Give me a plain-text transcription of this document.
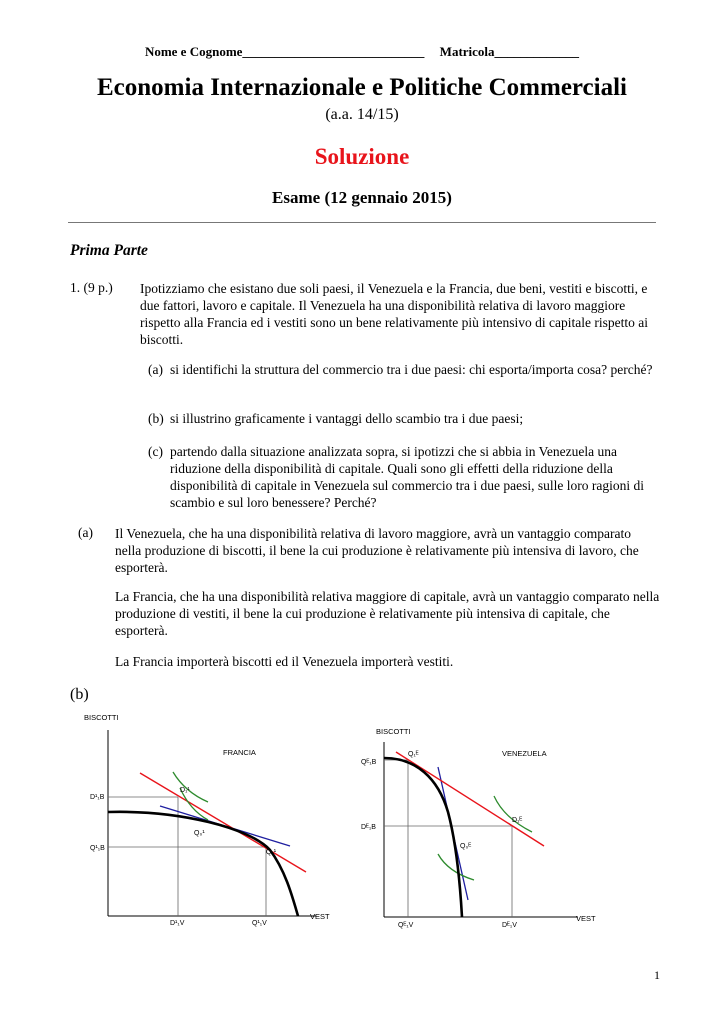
Nome e Cognome____________________________ Matricola_____________
Economia Internazionale e Politiche Commerciali
(a.a. 14/15)
Soluzione
Esame (12 gennaio 2015)
Prima Parte
1. (9 p.) Ipotizziamo che esistano due soli paesi, il Venezuela e la Francia, due beni, vestiti e biscotti, e due fattori, lavoro e capitale. Il Venezuela ha una disponibilità relativa di lavoro maggiore rispetto alla Francia ed i vestiti sono un bene relativamente più intensivo di capitale rispetto ai biscotti.
(a) si identifichi la struttura del commercio tra i due paesi: chi esporta/importa cosa? perché?
(b) si illustrino graficamente i vantaggi dello scambio tra i due paesi;
(c) partendo dalla situazione analizzata sopra, si ipotizzi che si abbia in Venezuela una riduzione della disponibilità di capitale. Quali sono gli effetti della riduzione della disponibilità di capitale in Venezuela sul commercio tra i due paesi, sulle loro ragioni di scambio e sul loro benessere? Perché?
(a) Il Venezuela, che ha una disponibilità relativa di lavoro maggiore, avrà un vantaggio comparato nella produzione di biscotti, il bene la cui produzione è relativamente più intensiva di lavoro, che esporterà.
La Francia, che ha una disponibilità relativa maggiore di capitale, avrà un vantaggio comparato nella produzione di vestiti, il bene la cui produzione è relativamente più intensiva di capitale, che esporterà.
La Francia importerà biscotti ed il Venezuela importerà vestiti.
(b)
BISCOTTI
VEST
FRANCIA
D¹₁B
Q¹₁B
D¹₁V	Q¹₁V
D₁¹
Q₀¹
Q₁¹
BISCOTTI
VEST
VENEZUELA
Qᴱ₁B
Dᴱ₁B
Qᴱ₁V	Dᴱ₁V
Q₁ᴱ
D₁ᴱ
Q₀ᴱ
1
